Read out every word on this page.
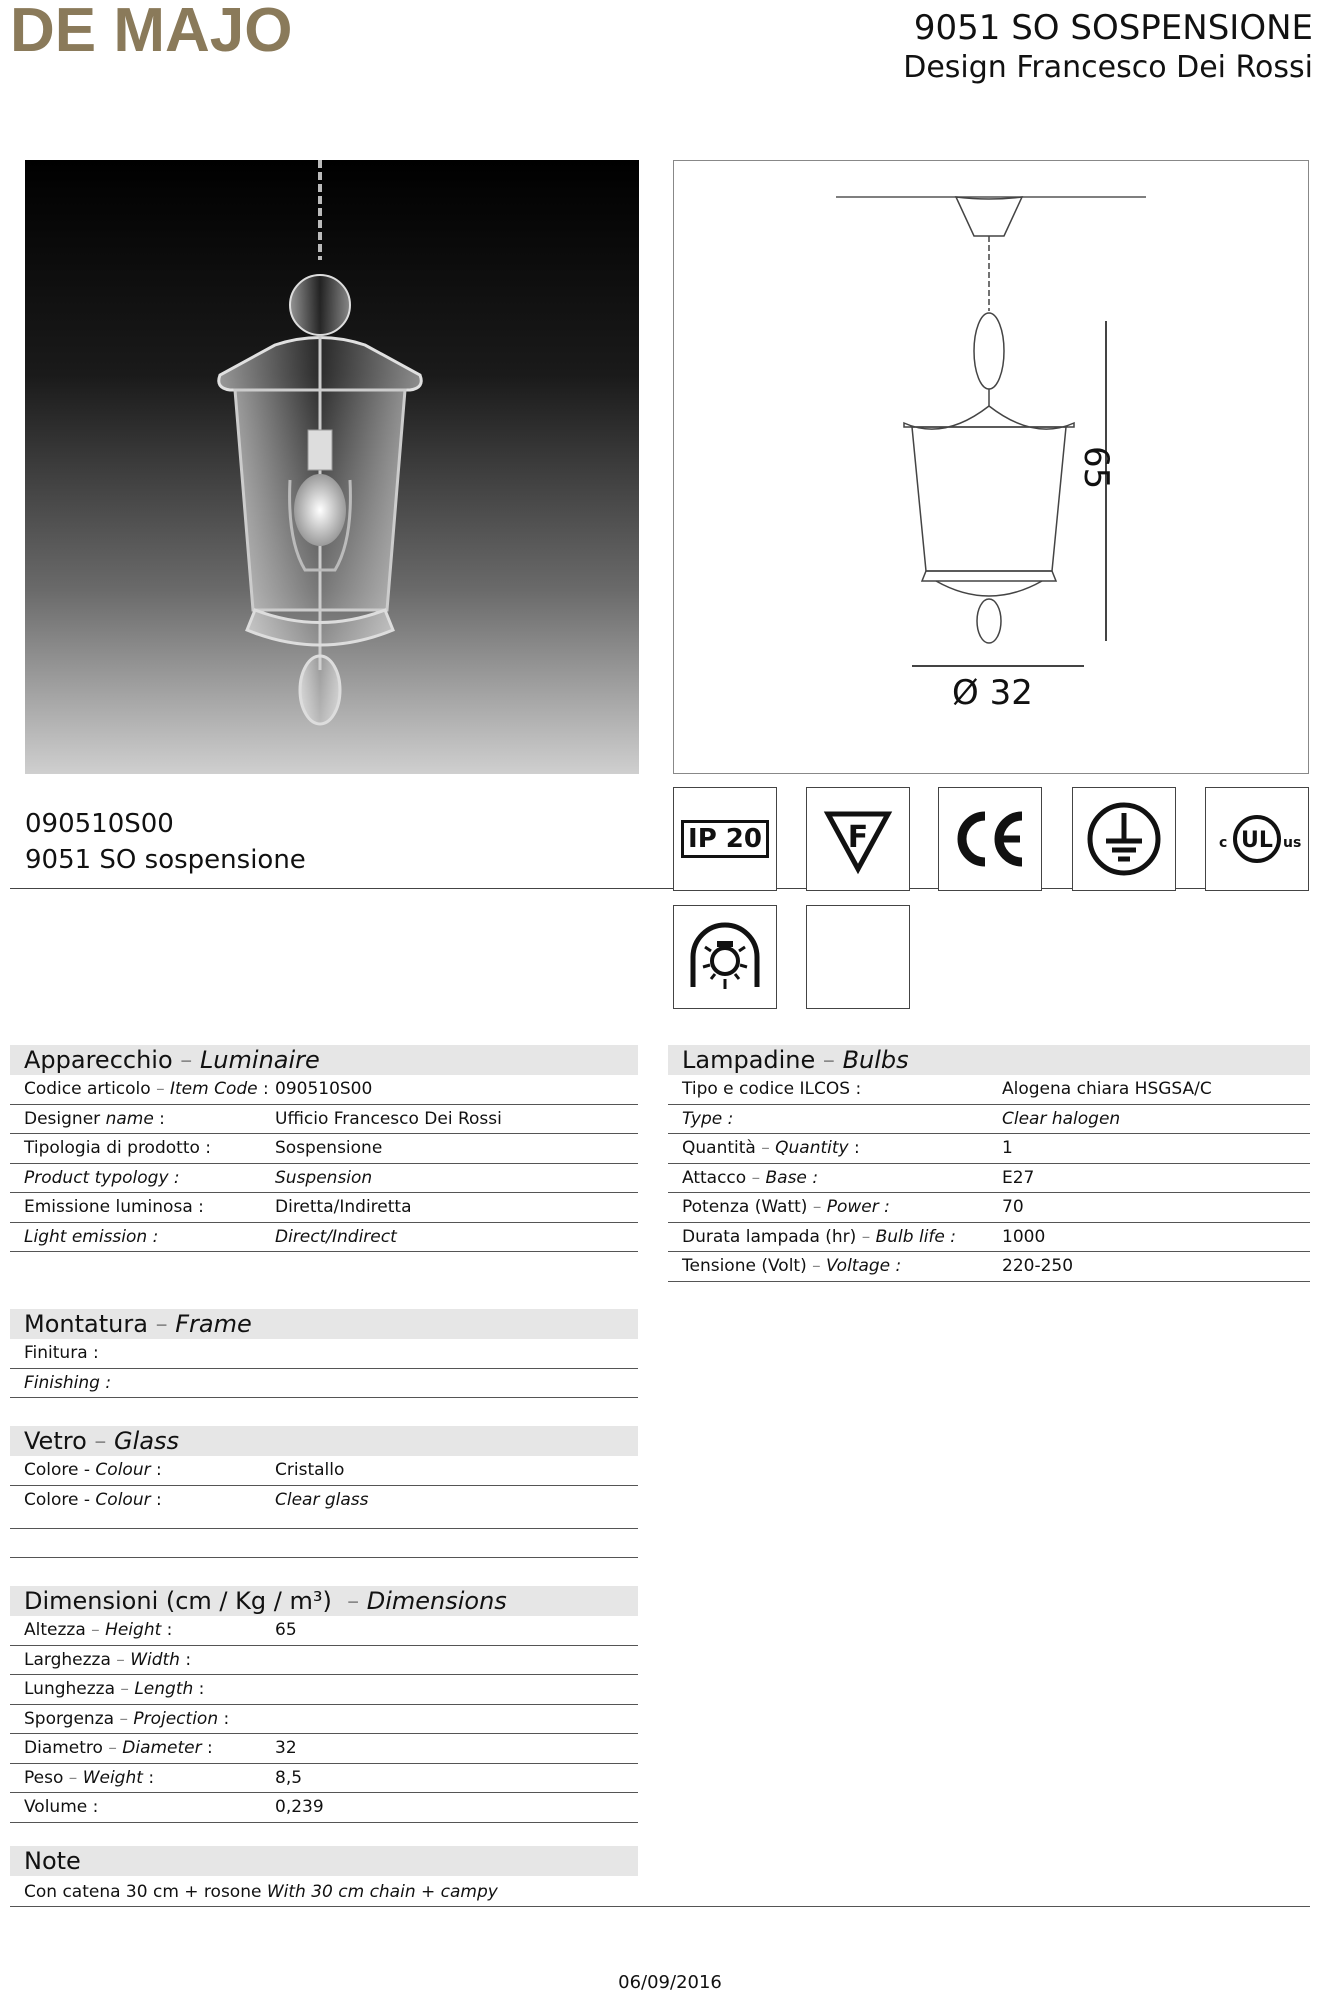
DE MAJO	9051 SO SOSPENSIONE
Design Francesco Dei Rossi
65
Ø 32
090510S00
9051 SO sospensione
IP 20	F	c UL us
Apparecchio – Luminaire
Codice articolo – Item Code : 090510S00
Designer name :	Ufficio Francesco Dei Rossi
Tipologia di prodotto :	Sospensione
Product typology :	Suspension
Emissione luminosa :	Diretta/Indiretta
Light emission :	Direct/Indirect
Lampadine – Bulbs
Tipo e codice ILCOS :	Alogena chiara HSGSA/C
Type :	Clear halogen
Quantità – Quantity :	1
Attacco – Base :	E27
Potenza (Watt) – Power :	70
Durata lampada (hr) – Bulb life :	1000
Tensione (Volt) – Voltage :	220-250
Montatura – Frame
Finitura :
Finishing :
Vetro – Glass
Colore - Colour :	Cristallo
Colore - Colour :	Clear glass
Dimensioni (cm / Kg / m³) – Dimensions
Altezza – Height :	65
Larghezza – Width :
Lunghezza – Length :
Sporgenza – Projection :
Diametro – Diameter :	32
Peso – Weight :	8,5
Volume :	0,239
Note
Con catena 30 cm + rosone With 30 cm chain + campy
06/09/2016
